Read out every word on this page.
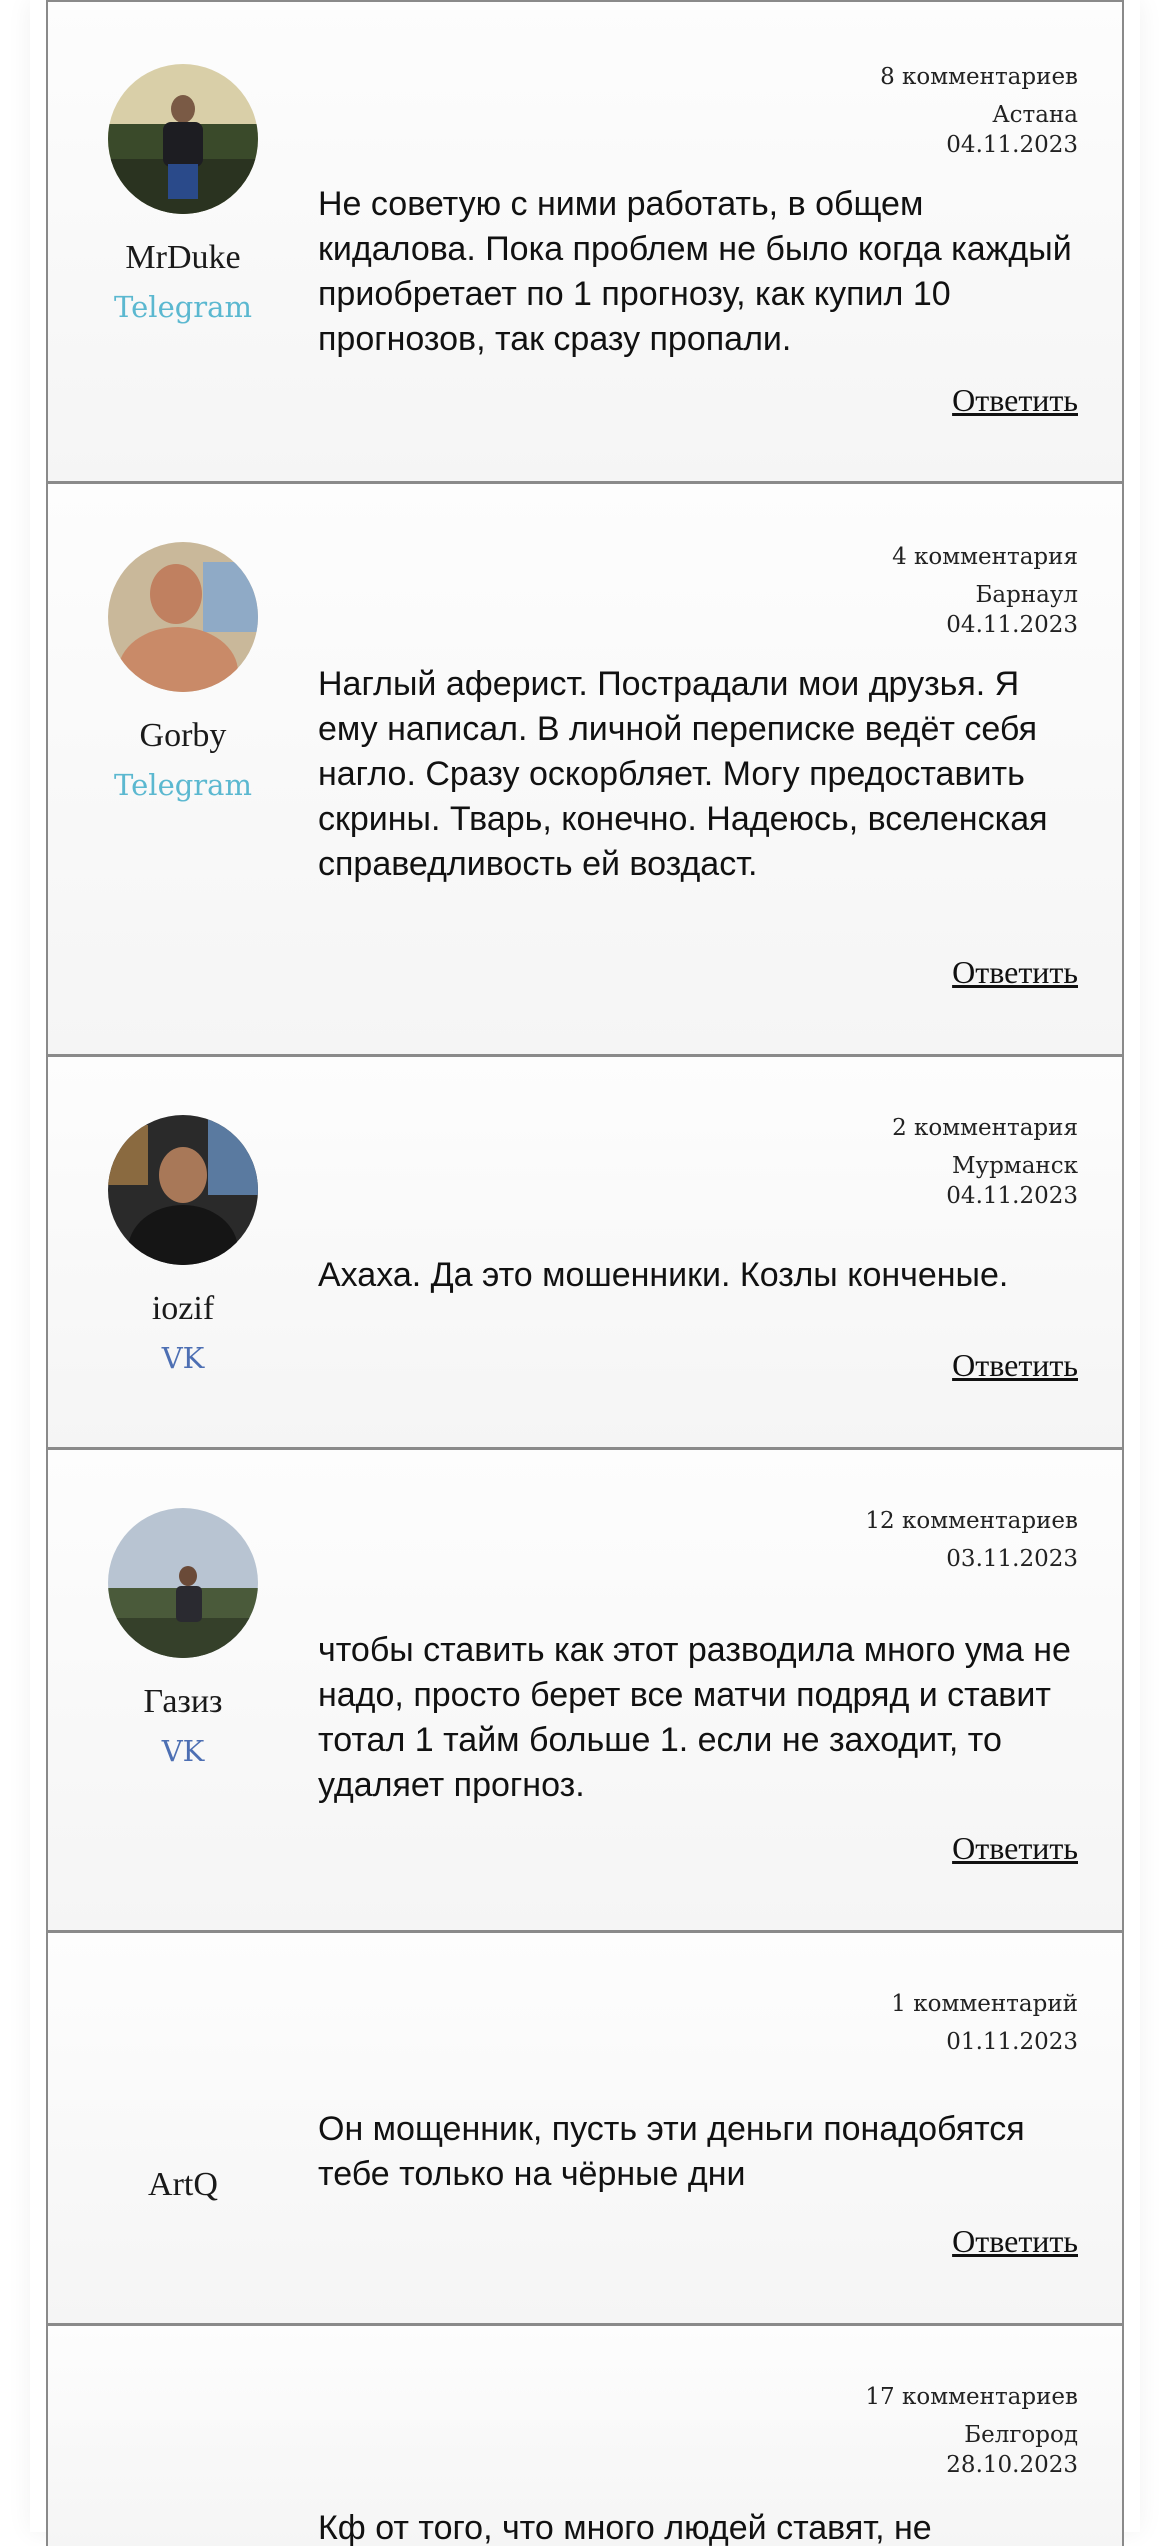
MrDuke
Telegram
8 комментариев
Астана
04.11.2023
Не советую с ними работать, в общем кидалова. Пока проблем не было когда каждый приобретает по 1 прогнозу, как купил 10 прогнозов, так сразу пропали.
Ответить
Gorby
Telegram
4 комментария
Барнаул
04.11.2023
Наглый аферист. Пострадали мои друзья. Я ему написал. В личной переписке ведёт себя нагло. Сразу оскорбляет. Могу предоставить скрины. Тварь, конечно. Надеюсь, вселенская справедливость ей воздаст.
Ответить
iozif
VK
2 комментария
Мурманск
04.11.2023
Ахаха. Да это мошенники. Козлы конченые.
Ответить
Газиз
VK
12 комментариев
03.11.2023
чтобы ставить как этот разводила много ума не надо, просто берет все матчи подряд и ставит тотал 1 тайм больше 1. если не заходит, то удаляет прогноз.
Ответить
ArtQ
1 комментарий
01.11.2023
Он мощенник, пусть эти деньги понадобятся тебе только на чёрные дни
Ответить
17 комментариев
Белгород
28.10.2023
Кф от того, что много людей ставят, не
